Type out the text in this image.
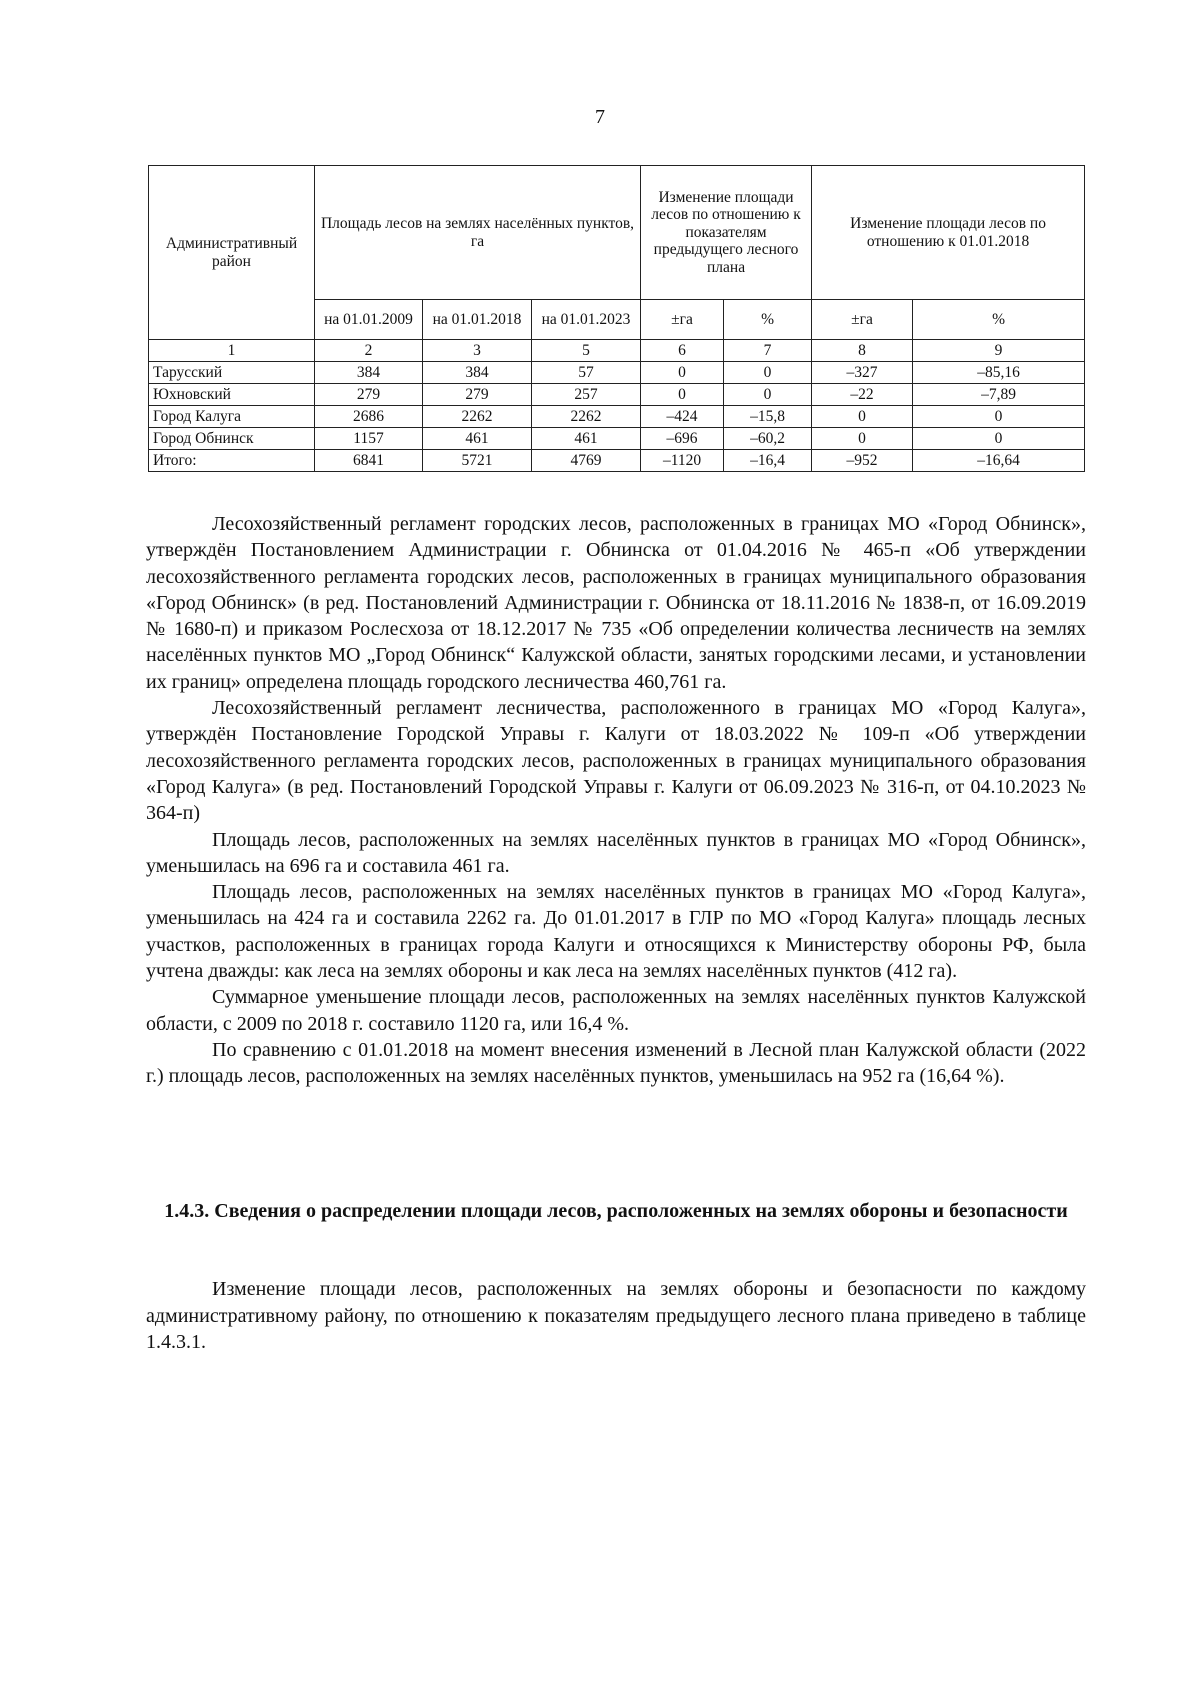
7
Административный район	Площадь лесов на землях населённых пунктов, га			Изменение площади лесов по отношению к показателям предыдущего лесного плана		Изменение площади лесов по отношению к 01.01.2018	
	на 01.01.2009	на 01.01.2018	на 01.01.2023	±га	%	±га	%
1	2	3	5	6	7	8	9
Тарусский	384	384	57	0	0	–327	–85,16
Юхновский	279	279	257	0	0	–22	–7,89
Город Калуга	2686	2262	2262	–424	–15,8	0	0
Город Обнинск	1157	461	461	–696	–60,2	0	0
Итого:	6841	5721	4769	–1120	–16,4	–952	–16,64

Лесохозяйственный регламент городских лесов, расположенных в границах МО «Город Обнинск», утверждён Постановлением Администрации г. Обнинска от 01.04.2016 № 465-п «Об утверждении лесохозяйственного регламента городских лесов, расположенных в границах муниципального образования «Город Обнинск» (в ред. Постановлений Администрации г. Обнинска от 18.11.2016 № 1838-п, от 16.09.2019 № 1680-п) и приказом Рослесхоза от 18.12.2017 № 735 «Об определении количества лесничеств на землях населённых пунктов МО „Город Обнинск“ Калужской области, занятых городскими лесами, и установлении их границ» определена площадь городского лесничества 460,761 га.

Лесохозяйственный регламент лесничества, расположенного в границах МО «Город Калуга», утверждён Постановление Городской Управы г. Калуги от 18.03.2022 № 109-п «Об утверждении лесохозяйственного регламента городских лесов, расположенных в границах муниципального образования «Город Калуга» (в ред. Постановлений Городской Управы г. Калуги от 06.09.2023 № 316-п, от 04.10.2023 № 364-п)

Площадь лесов, расположенных на землях населённых пунктов в границах МО «Город Обнинск», уменьшилась на 696 га и составила 461 га.

Площадь лесов, расположенных на землях населённых пунктов в границах МО «Город Калуга», уменьшилась на 424 га и составила 2262 га. До 01.01.2017 в ГЛР по МО «Город Калуга» площадь лесных участков, расположенных в границах города Калуги и относящихся к Министерству обороны РФ, была учтена дважды: как леса на землях обороны и как леса на землях населённых пунктов (412 га).

Суммарное уменьшение площади лесов, расположенных на землях населённых пунктов Калужской области, с 2009 по 2018 г. составило 1120 га, или 16,4 %.

По сравнению с 01.01.2018 на момент внесения изменений в Лесной план Калужской области (2022 г.) площадь лесов, расположенных на землях населённых пунктов, уменьшилась на 952 га (16,64 %).

1.4.3. Сведения о распределении площади лесов, расположенных на землях обороны и безопасности

Изменение площади лесов, расположенных на землях обороны и безопасности по каждому административному району, по отношению к показателям предыдущего лесного плана приведено в таблице 1.4.3.1.
